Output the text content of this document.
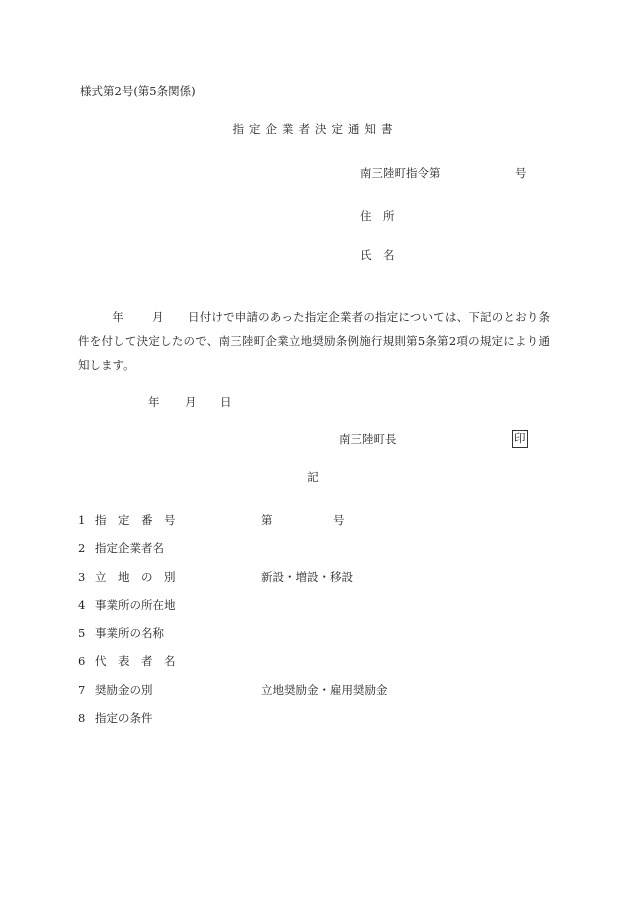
様式第2号(第5条関係)
指定企業者決定通知書
南三陸町指令第	号
住　所
氏　名
年 月 日付けで申請のあった指定企業者の指定については、下記のとおり条件を付して決定したので、南三陸町企業立地奨励条例施行規則第5条第2項の規定により通知します。
年 月 日
南三陸町長	印
記
1 指　定　番　号	第	号
2 指定企業者名
3 立　地　の　別	新設・増設・移設
4 事業所の所在地
5 事業所の名称
6 代　表　者　名
7 奨励金の別	立地奨励金・雇用奨励金
8 指定の条件
